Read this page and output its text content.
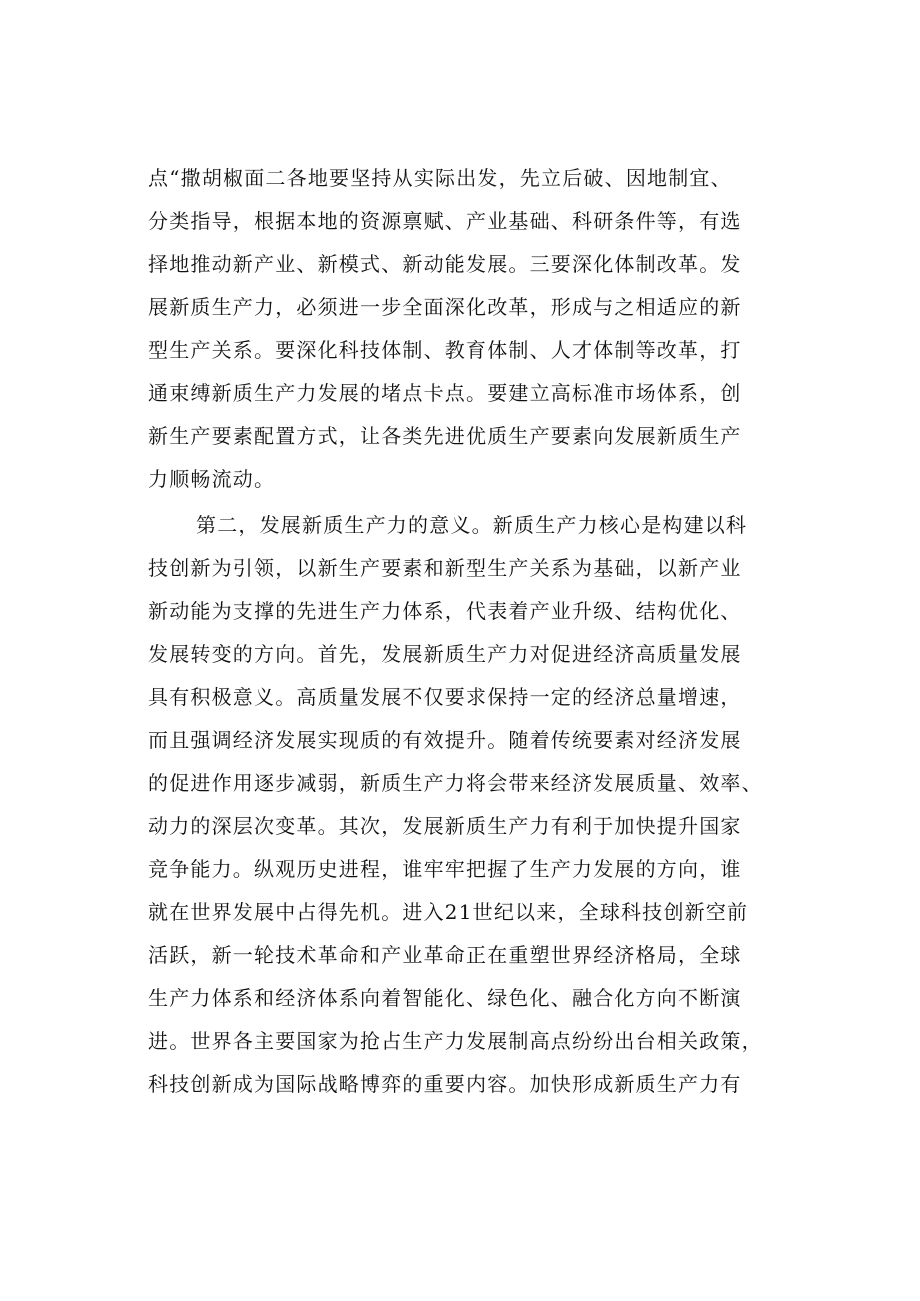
点“撒胡椒面二各地要坚持从实际出发，先立后破、因地制宜、
分类指导，根据本地的资源禀赋、产业基础、科研条件等，有选
择地推动新产业、新模式、新动能发展。三要深化体制改革。发
展新质生产力，必须进一步全面深化改革，形成与之相适应的新
型生产关系。要深化科技体制、教育体制、人才体制等改革，打
通束缚新质生产力发展的堵点卡点。要建立高标准市场体系，创
新生产要素配置方式，让各类先进优质生产要素向发展新质生产
力顺畅流动。
第二，发展新质生产力的意义。新质生产力核心是构建以科
技创新为引领，以新生产要素和新型生产关系为基础，以新产业
新动能为支撑的先进生产力体系，代表着产业升级、结构优化、
发展转变的方向。首先，发展新质生产力对促进经济高质量发展
具有积极意义。高质量发展不仅要求保持一定的经济总量增速，
而且强调经济发展实现质的有效提升。随着传统要素对经济发展
的促进作用逐步减弱，新质生产力将会带来经济发展质量、效率、
动力的深层次变革。其次，发展新质生产力有利于加快提升国家
竞争能力。纵观历史进程，谁牢牢把握了生产力发展的方向，谁
就在世界发展中占得先机。进入21世纪以来，全球科技创新空前
活跃，新一轮技术革命和产业革命正在重塑世界经济格局，全球
生产力体系和经济体系向着智能化、绿色化、融合化方向不断演
进。世界各主要国家为抢占生产力发展制高点纷纷出台相关政策，
科技创新成为国际战略博弈的重要内容。加快形成新质生产力有
